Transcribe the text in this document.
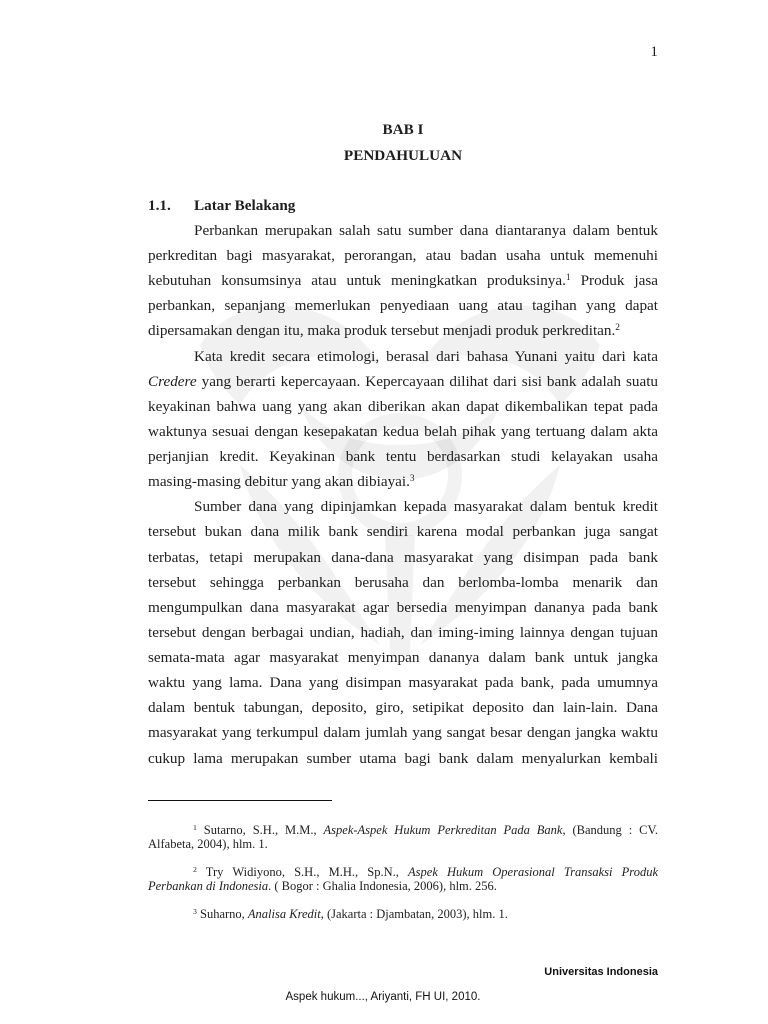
1
BAB I
PENDAHULUAN
1.1. Latar Belakang
Perbankan merupakan salah satu sumber dana diantaranya dalam bentuk
perkreditan bagi masyarakat, perorangan, atau badan usaha untuk memenuhi
kebutuhan konsumsinya atau untuk meningkatkan produksinya.$^1$ Produk jasa
perbankan, sepanjang memerlukan penyediaan uang atau tagihan yang dapat
dipersamakan dengan itu, maka produk tersebut menjadi produk perkreditan.$^2$
Kata kredit secara etimologi, berasal dari bahasa Yunani yaitu dari kata
Credere yang berarti kepercayaan. Kepercayaan dilihat dari sisi bank adalah suatu
keyakinan bahwa uang yang akan diberikan akan dapat dikembalikan tepat pada
waktunya sesuai dengan kesepakatan kedua belah pihak yang tertuang dalam akta
perjanjian kredit. Keyakinan bank tentu berdasarkan studi kelayakan usaha
masing-masing debitur yang akan dibiayai.$^3$
Sumber dana yang dipinjamkan kepada masyarakat dalam bentuk kredit
tersebut bukan dana milik bank sendiri karena modal perbankan juga sangat
terbatas, tetapi merupakan dana-dana masyarakat yang disimpan pada bank
tersebut sehingga perbankan berusaha dan berlomba-lomba menarik dan
mengumpulkan dana masyarakat agar bersedia menyimpan dananya pada bank
tersebut dengan berbagai undian, hadiah, dan iming-iming lainnya dengan tujuan
semata-mata agar masyarakat menyimpan dananya dalam bank untuk jangka
waktu yang lama. Dana yang disimpan masyarakat pada bank, pada umumnya
dalam bentuk tabungan, deposito, giro, setipikat deposito dan lain-lain. Dana
masyarakat yang terkumpul dalam jumlah yang sangat besar dengan jangka waktu
cukup lama merupakan sumber utama bagi bank dalam menyalurkan kembali
$^1$ Sutarno, S.H., M.M., Aspek-Aspek Hukum Perkreditan Pada Bank, (Bandung : CV.
Alfabeta, 2004), hlm. 1.
$^2$ Try Widiyono, S.H., M.H., Sp.N., Aspek Hukum Operasional Transaksi Produk
Perbankan di Indonesia. ( Bogor : Ghalia Indonesia, 2006), hlm. 256.
$^3$ Suharno, Analisa Kredit, (Jakarta : Djambatan, 2003), hlm. 1.
Universitas Indonesia
Aspek hukum..., Ariyanti, FH UI, 2010.
